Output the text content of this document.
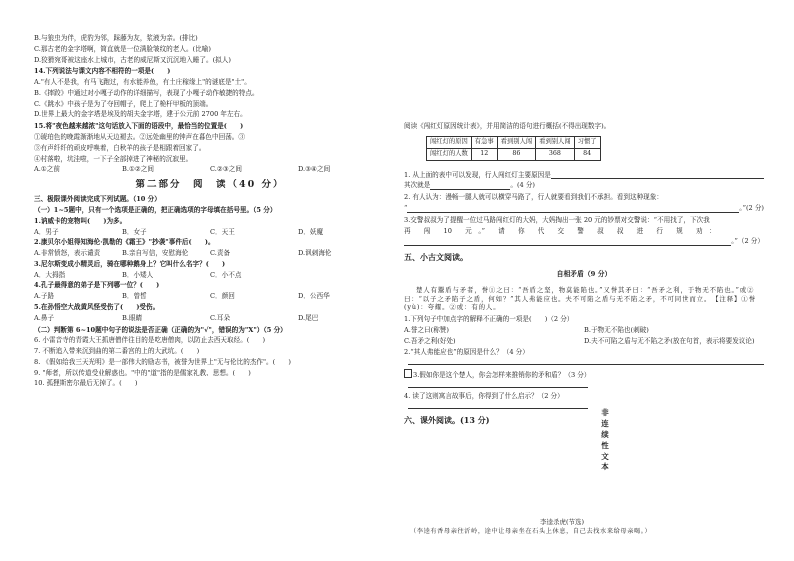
B.与狼虫为伴，虎豹为邻，踩藤为友，浆液为亲。(排比)

C.那古老的金字塔啊，简直就是一位满脸皱纹的老人。(比喻)

D.狡猾宛哥被这座水上城市，古老的威尼斯又沉沉地入睡了。(拟人)

14.下列说法与课文内容不相符的一项是(　　)

A."有人不是我，有马飞跑过，有水能养鱼，有土庄稼缘上"的谜底是"土"。

B.《摔跤》中通过对小嘎子动作的详细描写，表现了小嘎子动作敏捷的特点。

C.《跳水》中孩子是为了夺回帽子，爬上了桅杆甲板的顶端。

D.世界上最大的金字塔是埃及的胡夫金字塔，建于公元前 2700 年左右。

15.将"夜色越来越浓"这句话放入下面的语段中，最恰当的位置是(　　)

①琥珀色的晚霞渐渐地从天边褪去。②远处幽里的钟声在暮色中回荡。③

③有声纤纤的顽皮呼唤着，白秋羊的孩子是相跟着回家了。

④村落啦，坑洼啦，一下子全部掉进了神秘的沉寂里。

A.①之前	B.①②之间	C.②③之间	D.③④之间

第二部分　阅　读（40 分）

三、极限课外阅读完成下列试题。（10 分）

（一）1~5题中，只有一个选项是正确的，把正确选项的字母填在括号里。（5 分）

1.讷威卡的宠物叫(　　)为多。

A．男子	B．女子	C．天王	D．妖魔

2.康贝尔小姐得知海伦·凯勒的《霜王》"抄袭"事件后(　　)。

A.非常愤怒，表示谴责	B.亲自写信，安慰海伦	C.责备	D.讽刺海伦

3.尼尔斯变成小精灵后，骑在哪种鹅身上？它叫什么名字？(　　)

A．大拇指	B．小矮人	C．小不点

4.孔子最得意的弟子是下列哪一位？(　　)

A.子路	B．曾皙	C．颜回	D．公西华

5.在孙悟空大战黄风怪受伤了(　　)受伤。

A.鼻子	B.眼睛	C.耳朵	D.尾巴

（二）判断第 6~10题中句子的说法是否正确（正确的为"√"，错误的为"X"）（5 分）

6. 小雷音寺的青霞大王抓唐僧伴往目的是吃唐僧肉，以防止去西天取经。(　　)

7. 不断追入带来沉到曲的第二番宫的上的大武坑。(　　)

8. 《假如给我三天光明》是一部伟大的励志书，被誉为世界上"无与伦比的杰作"。(　　)

9. "师者，所以传道受业解惑也。"中的"道"指的是儒家礼教、思想。(　　)

10. 孤狸斯密尔最后无掉了。(　　)

阅读《闯红灯原因统计表》，并用简洁的语句进行概括(不得出现数字)。

闯红灯的原因	有急事	看到别人闯	看到别人闯	习惯了
闯红灯的人数	12	86	368	84
1. 从上面的表中可以发现，行人闯红灯主要原因是
其次就是	。(4 分)

2. 有人认为：漫畅一腿人就可以横穿马路了，行人就要看到我们不承担。看到这种现象：

“	。”(2 分)

3.交警叔叔为了提醒一位过马路闯红灯的大妈，大妈掏出一张 20 元的钞票对交警说：“不用找了，下次我

再　　闯　　10　　元　。”　　请　　你　　代　　交　　警　　叔　　叔　　进　　行　　规　　劝　：

。”（2 分）

五、小古文阅读。

自相矛盾（9 分）

楚人有鬻盾与矛者，誉①之曰：“吾盾之坚，物莫能陷也。”又誉其矛曰：“吾矛之利，于物无不陷也。”或②曰：“以子之矛陷子之盾，何如？”其人弗能应也。夫不可陷之盾与无不陷之矛，不可同世而立。　【注释】①誉(yù)：夸耀。②或：有的人。

1.下列句子中加点字的解释不正确的一项是(　　)（2 分）

A.誉之曰(称赞)	B.于物无不陷也(刺破)
C.吾矛之利(好处)	D.夫不可陷之盾与无不陷之矛(放在句首，表示将要发议论)

2.“其人弗能应也”的原因是什么？（4 分）

3.假如你是这个楚人，你会怎样来推销你的矛和盾？（3 分）

4. 读了这则寓言故事后，你得到了什么启示？（2 分）

六、课外阅读。(13 分)

非
连
续
性
文
本
李逵杀虎(节选)
（李逵有香母亲往沂岭，途中让母亲坐在石头上休息，自己去找水来给母亲喝。）
